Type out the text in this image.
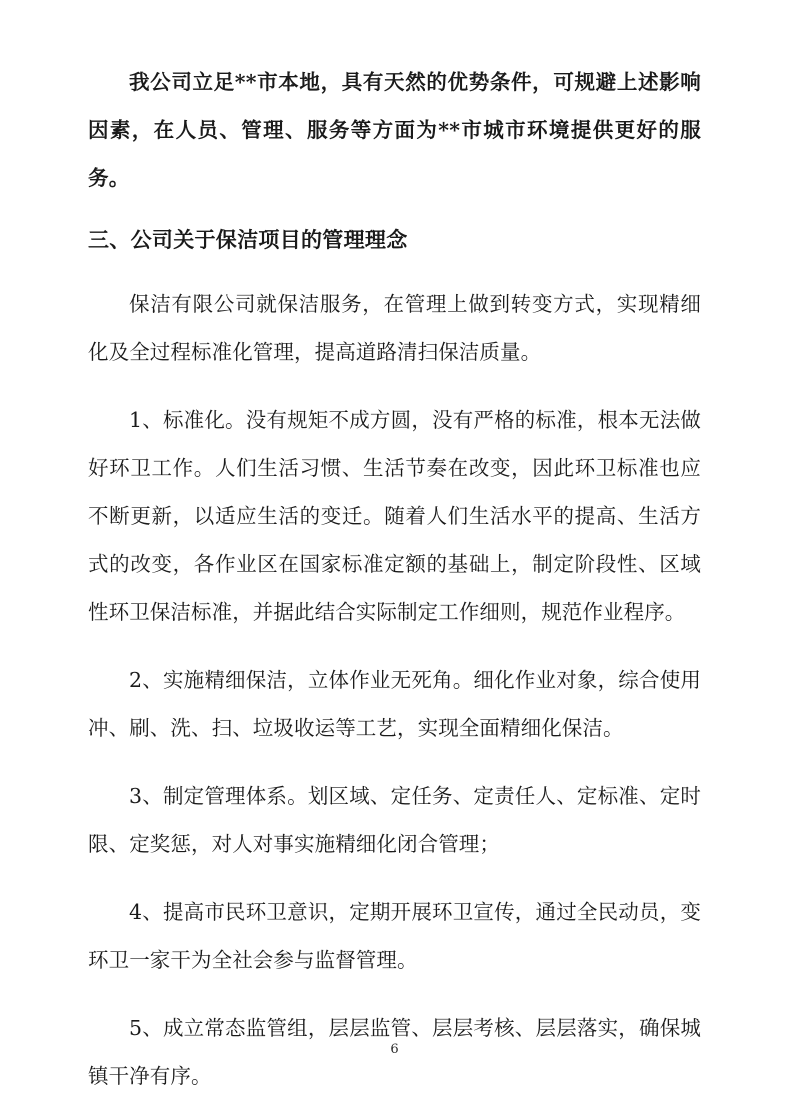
我公司立足**市本地，具有天然的优势条件，可规避上述影响因素，在人员、管理、服务等方面为**市城市环境提供更好的服务。

三、公司关于保洁项目的管理理念

保洁有限公司就保洁服务，在管理上做到转变方式，实现精细化及全过程标准化管理，提高道路清扫保洁质量。

1、标准化。没有规矩不成方圆，没有严格的标准，根本无法做好环卫工作。人们生活习惯、生活节奏在改变，因此环卫标准也应不断更新，以适应生活的变迁。随着人们生活水平的提高、生活方式的改变，各作业区在国家标准定额的基础上，制定阶段性、区域性环卫保洁标准，并据此结合实际制定工作细则，规范作业程序。

2、实施精细保洁，立体作业无死角。细化作业对象，综合使用冲、刷、洗、扫、垃圾收运等工艺，实现全面精细化保洁。

3、制定管理体系。划区域、定任务、定责任人、定标准、定时限、定奖惩，对人对事实施精细化闭合管理；

4、提高市民环卫意识，定期开展环卫宣传，通过全民动员，变环卫一家干为全社会参与监督管理。

5、成立常态监管组，层层监管、层层考核、层层落实，确保城镇干净有序。

6
